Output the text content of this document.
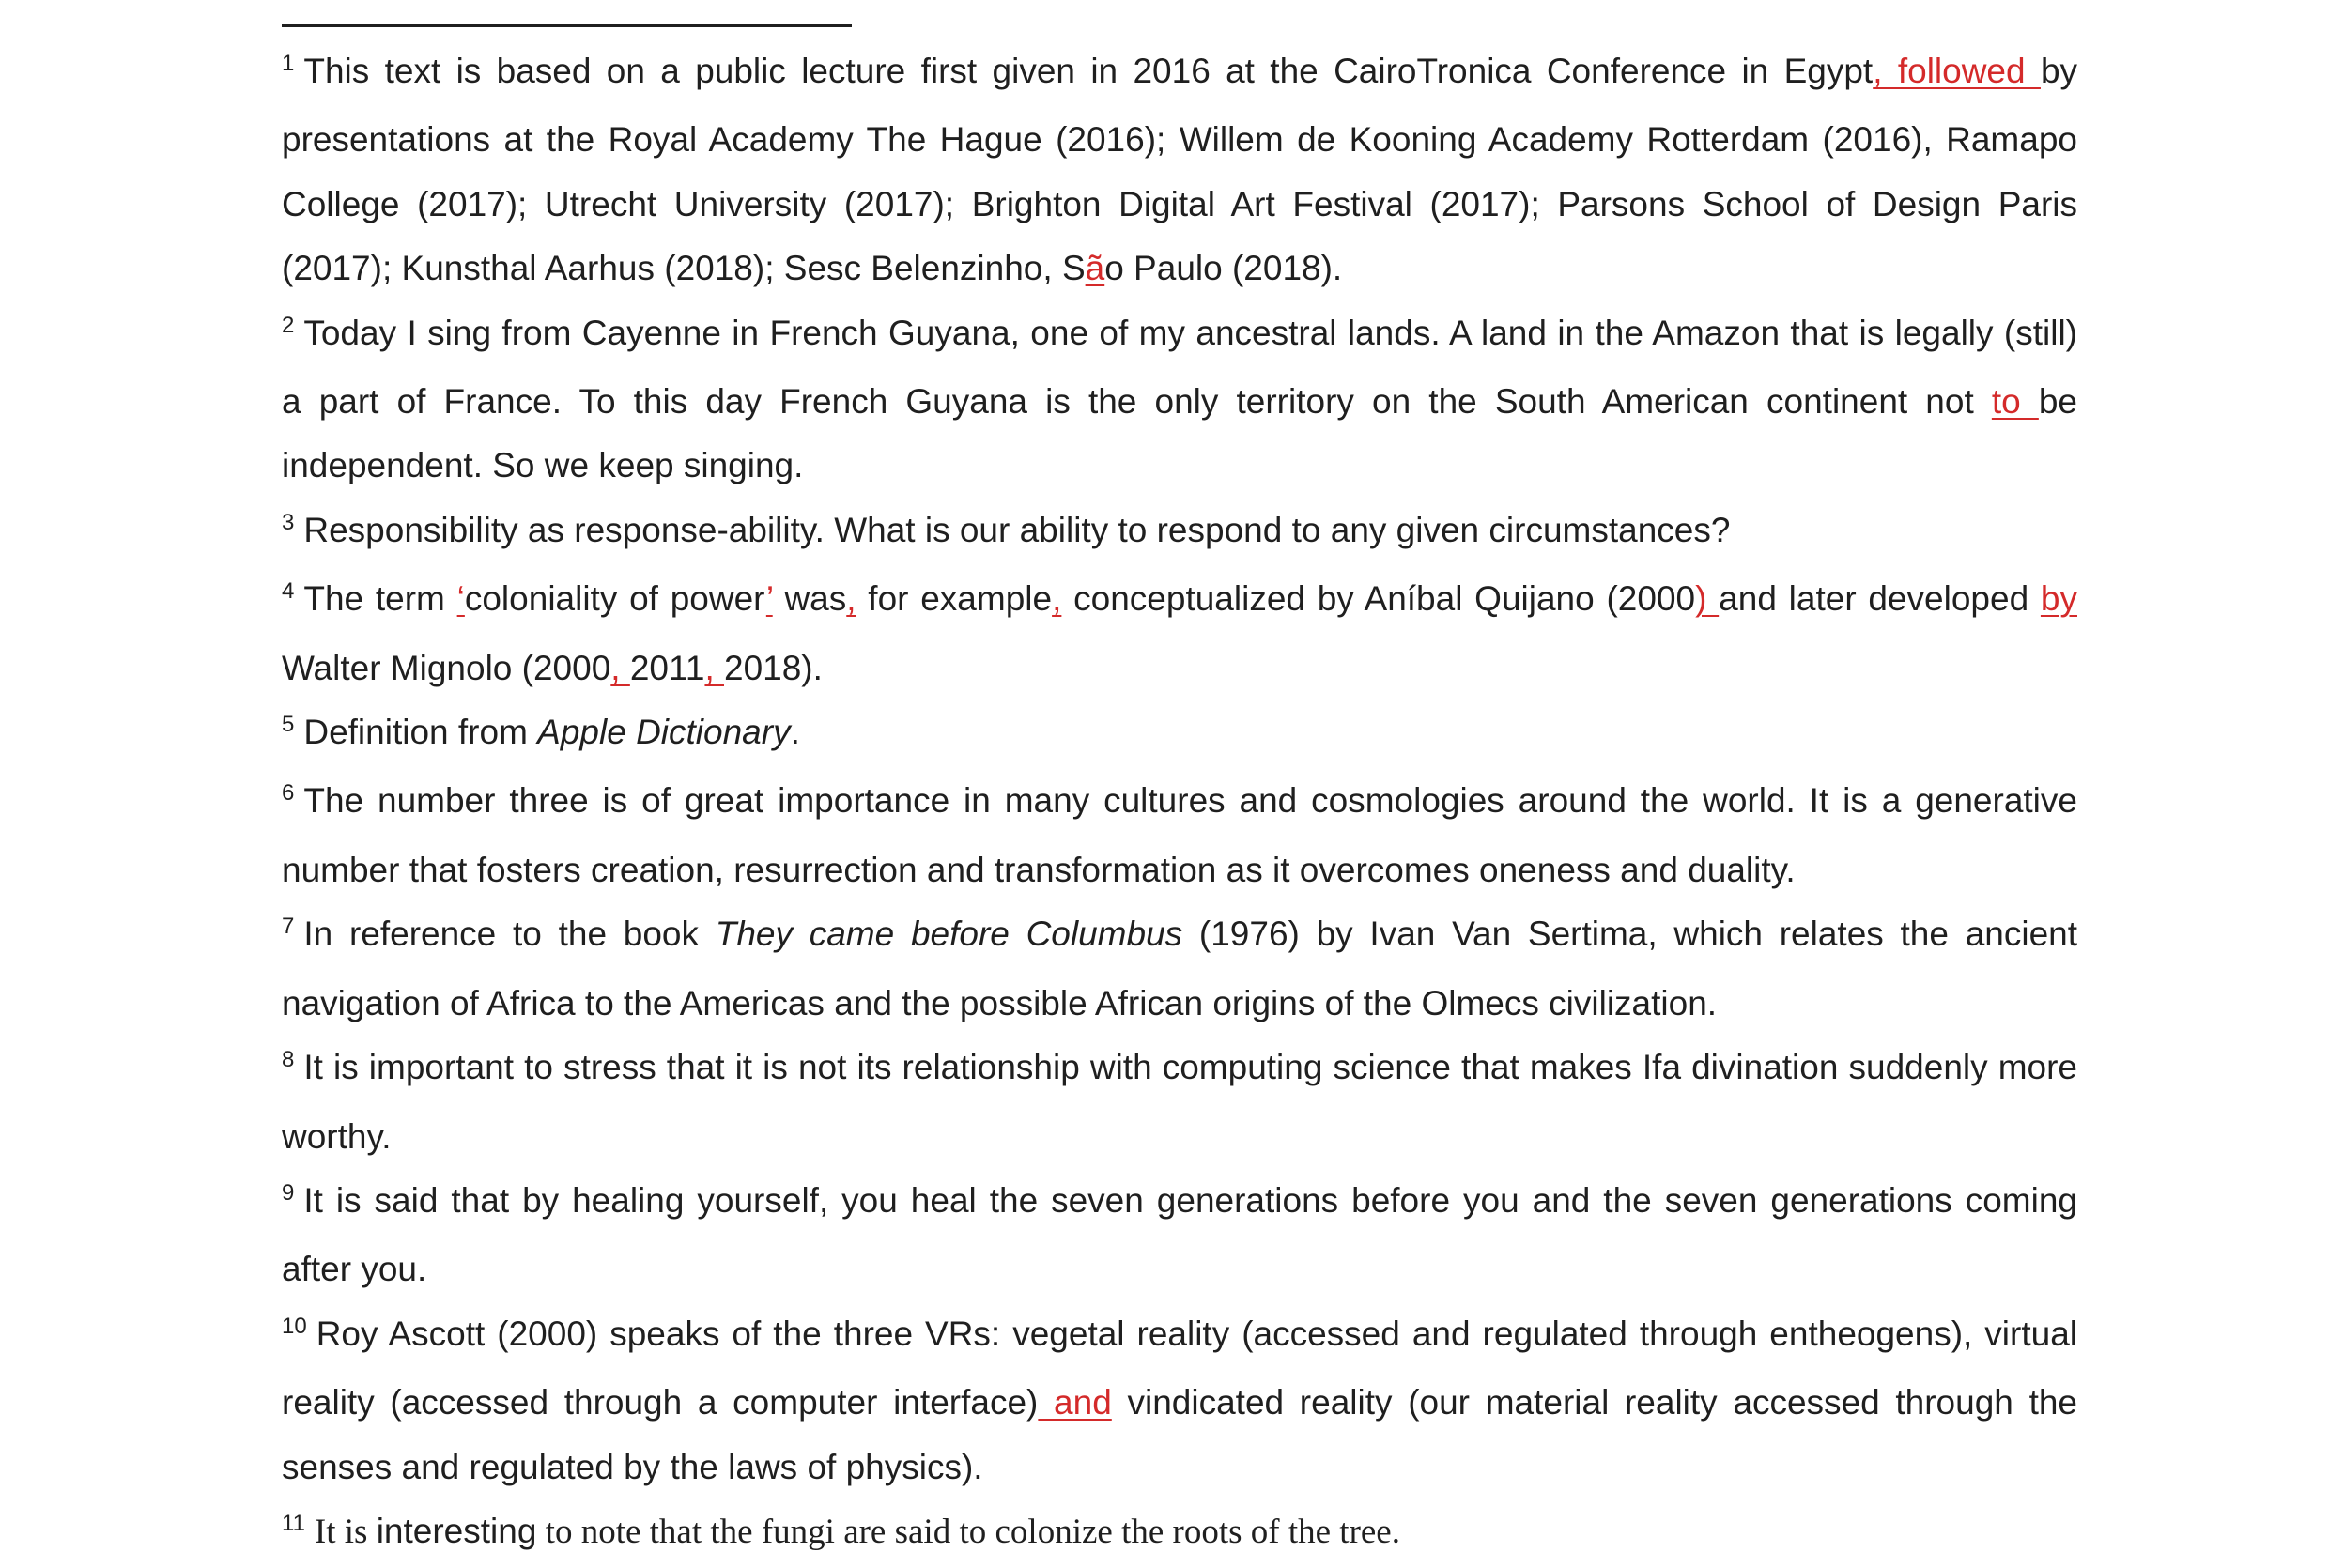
$^1$ This text is based on a public lecture first given in 2016 at the CairoTronica Conference in Egypt, followed by presentations at the Royal Academy The Hague (2016); Willem de Kooning Academy Rotterdam (2016), Ramapo College (2017); Utrecht University (2017); Brighton Digital Art Festival (2017); Parsons School of Design Paris (2017); Kunsthal Aarhus (2018); Sesc Belenzinho, São Paulo (2018).

$^2$ Today I sing from Cayenne in French Guyana, one of my ancestral lands. A land in the Amazon that is legally (still) a part of France. To this day French Guyana is the only territory on the South American continent not to be independent. So we keep singing.

$^3$ Responsibility as response-ability. What is our ability to respond to any given circumstances?

$^4$ The term ‘coloniality of power’ was, for example, conceptualized by Aníbal Quijano (2000) and later developed by Walter Mignolo (2000, 2011, 2018).

$^5$ Definition from Apple Dictionary.

$^6$ The number three is of great importance in many cultures and cosmologies around the world. It is a generative number that fosters creation, resurrection and transformation as it overcomes oneness and duality.

$^7$ In reference to the book They came before Columbus (1976) by Ivan Van Sertima, which relates the ancient navigation of Africa to the Americas and the possible African origins of the Olmecs civilization.

$^8$ It is important to stress that it is not its relationship with computing science that makes Ifa divination suddenly more worthy.

$^9$ It is said that by healing yourself, you heal the seven generations before you and the seven generations coming after you.

$^{10}$ Roy Ascott (2000) speaks of the three VRs: vegetal reality (accessed and regulated through entheogens), virtual reality (accessed through a computer interface) and vindicated reality (our material reality accessed through the senses and regulated by the laws of physics).

$^{11}$ It is interesting to note that the fungi are said to colonize the roots of the tree.
